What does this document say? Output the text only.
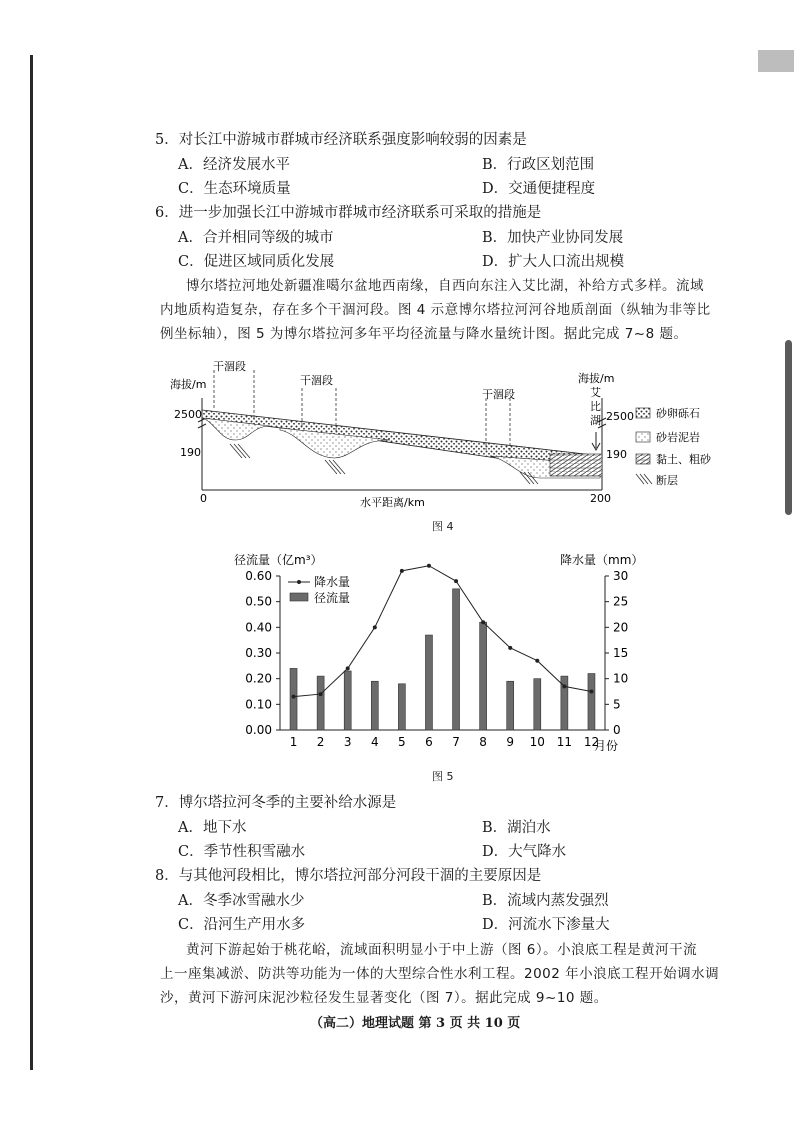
5．对长江中游城市群城市经济联系强度影响较弱的因素是
A．经济发展水平	B．行政区划范围
C．生态环境质量	D．交通便捷程度
6．进一步加强长江中游城市群城市经济联系可采取的措施是
A．合并相同等级的城市	B．加快产业协同发展
C．促进区域同质化发展	D．扩大人口流出规模
博尔塔拉河地处新疆准噶尔盆地西南缘，自西向东注入艾比湖，补给方式多样。流域
内地质构造复杂，存在多个干涸河段。图 4 示意博尔塔拉河河谷地质剖面（纵轴为非等比
例坐标轴），图 5 为博尔塔拉河多年平均径流量与降水量统计图。据此完成 7~8 题。
干涸段
干涸段
干涸段
海拔/m	海拔/m
2500
190
2500
190
0	200
水平距离/km
艾
比
湖
砂卵砾石
砂岩泥岩
黏土、粗砂
断层
图 4
径流量（亿m³）	降水量（mm）
月份
0.00
0.10
0.20
0.30
0.40
0.50
0.60
0
5
10
15
20
25
30
1 2 3 4 5 6 7 8 9 10 11 12
降水量
径流量
图 5
7．博尔塔拉河冬季的主要补给水源是
A．地下水	B．湖泊水
C．季节性积雪融水	D．大气降水
8．与其他河段相比，博尔塔拉河部分河段干涸的主要原因是
A．冬季冰雪融水少	B．流域内蒸发强烈
C．沿河生产用水多	D．河流水下渗量大
黄河下游起始于桃花峪，流域面积明显小于中上游（图 6）。小浪底工程是黄河干流
上一座集减淤、防洪等功能为一体的大型综合性水利工程。2002 年小浪底工程开始调水调
沙，黄河下游河床泥沙粒径发生显著变化（图 7）。据此完成 9~10 题。
（高二）地理试题 第 3 页 共 10 页
